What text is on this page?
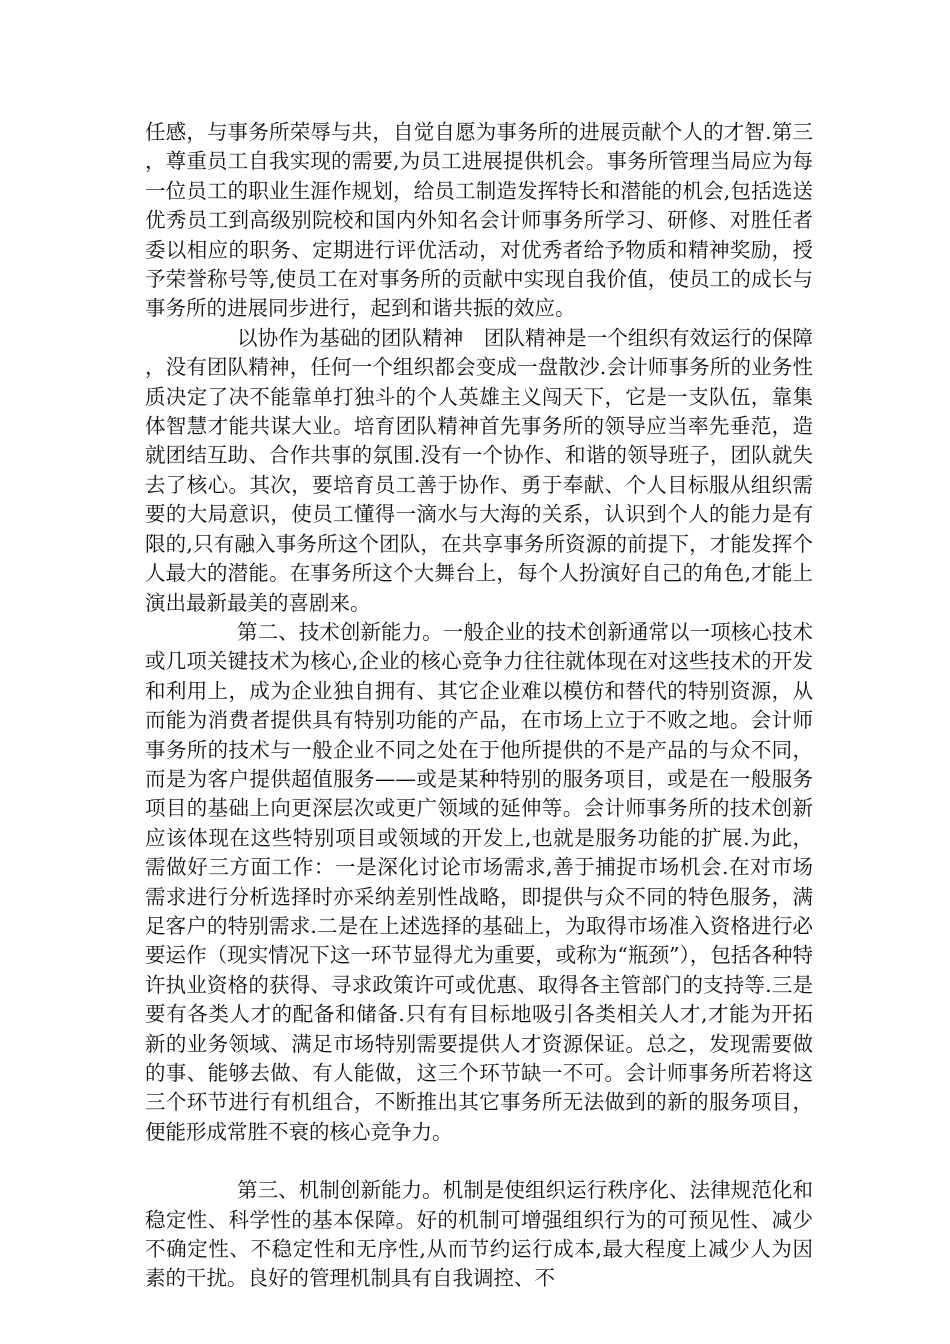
任感，与事务所荣辱与共，自觉自愿为事务所的进展贡献个人的才智.第三，尊重员工自我实现的需要,为员工进展提供机会。事务所管理当局应为每一位员工的职业生涯作规划，给员工制造发挥特长和潜能的机会,包括选送优秀员工到高级别院校和国内外知名会计师事务所学习、研修、对胜任者委以相应的职务、定期进行评优活动，对优秀者给予物质和精神奖励，授予荣誉称号等,使员工在对事务所的贡献中实现自我价值，使员工的成长与事务所的进展同步进行，起到和谐共振的效应。

以协作为基础的团队精神　团队精神是一个组织有效运行的保障，没有团队精神，任何一个组织都会变成一盘散沙.会计师事务所的业务性质决定了决不能靠单打独斗的个人英雄主义闯天下，它是一支队伍，靠集体智慧才能共谋大业。培育团队精神首先事务所的领导应当率先垂范，造就团结互助、合作共事的氛围.没有一个协作、和谐的领导班子，团队就失去了核心。其次，要培育员工善于协作、勇于奉献、个人目标服从组织需要的大局意识，使员工懂得一滴水与大海的关系，认识到个人的能力是有限的,只有融入事务所这个团队，在共享事务所资源的前提下，才能发挥个人最大的潜能。在事务所这个大舞台上，每个人扮演好自己的角色,才能上演出最新最美的喜剧来。

第二、技术创新能力。一般企业的技术创新通常以一项核心技术或几项关键技术为核心,企业的核心竞争力往往就体现在对这些技术的开发和利用上，成为企业独自拥有、其它企业难以模仿和替代的特别资源，从而能为消费者提供具有特别功能的产品，在市场上立于不败之地。会计师事务所的技术与一般企业不同之处在于他所提供的不是产品的与众不同，而是为客户提供超值服务——或是某种特别的服务项目，或是在一般服务项目的基础上向更深层次或更广领域的延伸等。会计师事务所的技术创新应该体现在这些特别项目或领域的开发上,也就是服务功能的扩展.为此，需做好三方面工作：一是深化讨论市场需求,善于捕捉市场机会.在对市场需求进行分析选择时亦采纳差别性战略，即提供与众不同的特色服务，满足客户的特别需求.二是在上述选择的基础上，为取得市场准入资格进行必要运作（现实情况下这一环节显得尤为重要，或称为“瓶颈”），包括各种特许执业资格的获得、寻求政策许可或优惠、取得各主管部门的支持等.三是要有各类人才的配备和储备.只有有目标地吸引各类相关人才,才能为开拓新的业务领域、满足市场特别需要提供人才资源保证。总之，发现需要做的事、能够去做、有人能做，这三个环节缺一不可。会计师事务所若将这三个环节进行有机组合，不断推出其它事务所无法做到的新的服务项目，便能形成常胜不衰的核心竞争力。

第三、机制创新能力。机制是使组织运行秩序化、法律规范化和稳定性、科学性的基本保障。好的机制可增强组织行为的可预见性、减少不确定性、不稳定性和无序性,从而节约运行成本,最大程度上减少人为因素的干扰。良好的管理机制具有自我调控、不
